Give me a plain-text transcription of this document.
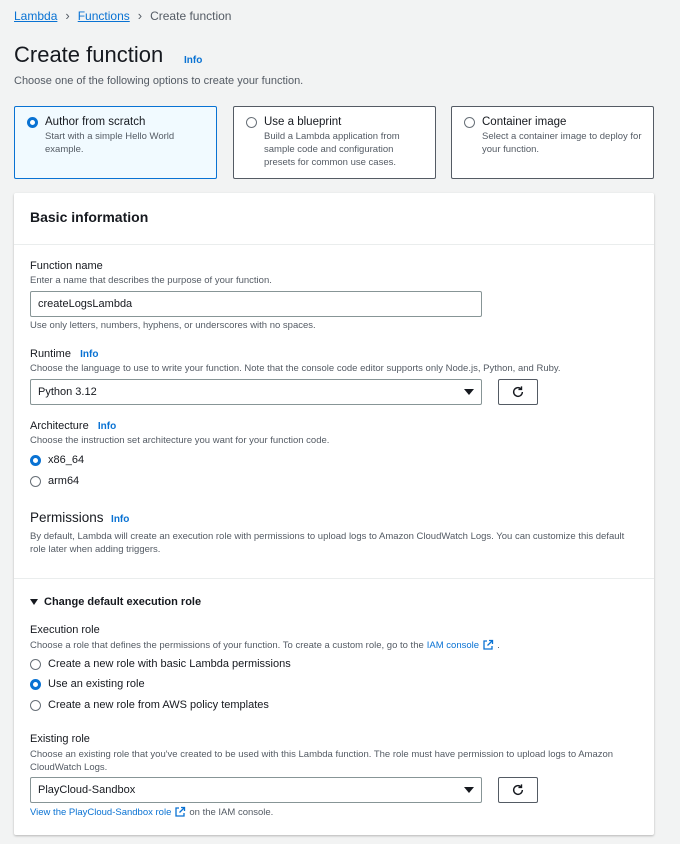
Lambda › Functions › Create function
Create function Info

Choose one of the following options to create your function.

Author from scratch
Start with a simple Hello World example.
Use a blueprint
Build a Lambda application from sample code and configuration presets for common use cases.
Container image
Select a container image to deploy for your function.
Basic information
Function name
Enter a name that describes the purpose of your function.
createLogsLambda
Use only letters, numbers, hyphens, or underscores with no spaces.
Runtime Info
Choose the language to use to write your function. Note that the console code editor supports only Node.js, Python, and Ruby.
Python 3.12
Architecture Info
Choose the instruction set architecture you want for your function code.
x86_64
arm64
Permissions Info
By default, Lambda will create an execution role with permissions to upload logs to Amazon CloudWatch Logs. You can customize this default role later when adding triggers.
Change default execution role
Execution role
Choose a role that defines the permissions of your function. To create a custom role, go to the IAM console .
Create a new role with basic Lambda permissions
Use an existing role
Create a new role from AWS policy templates
Existing role
Choose an existing role that you've created to be used with this Lambda function. The role must have permission to upload logs to Amazon CloudWatch Logs.
PlayCloud-Sandbox
View the PlayCloud-Sandbox role on the IAM console.
